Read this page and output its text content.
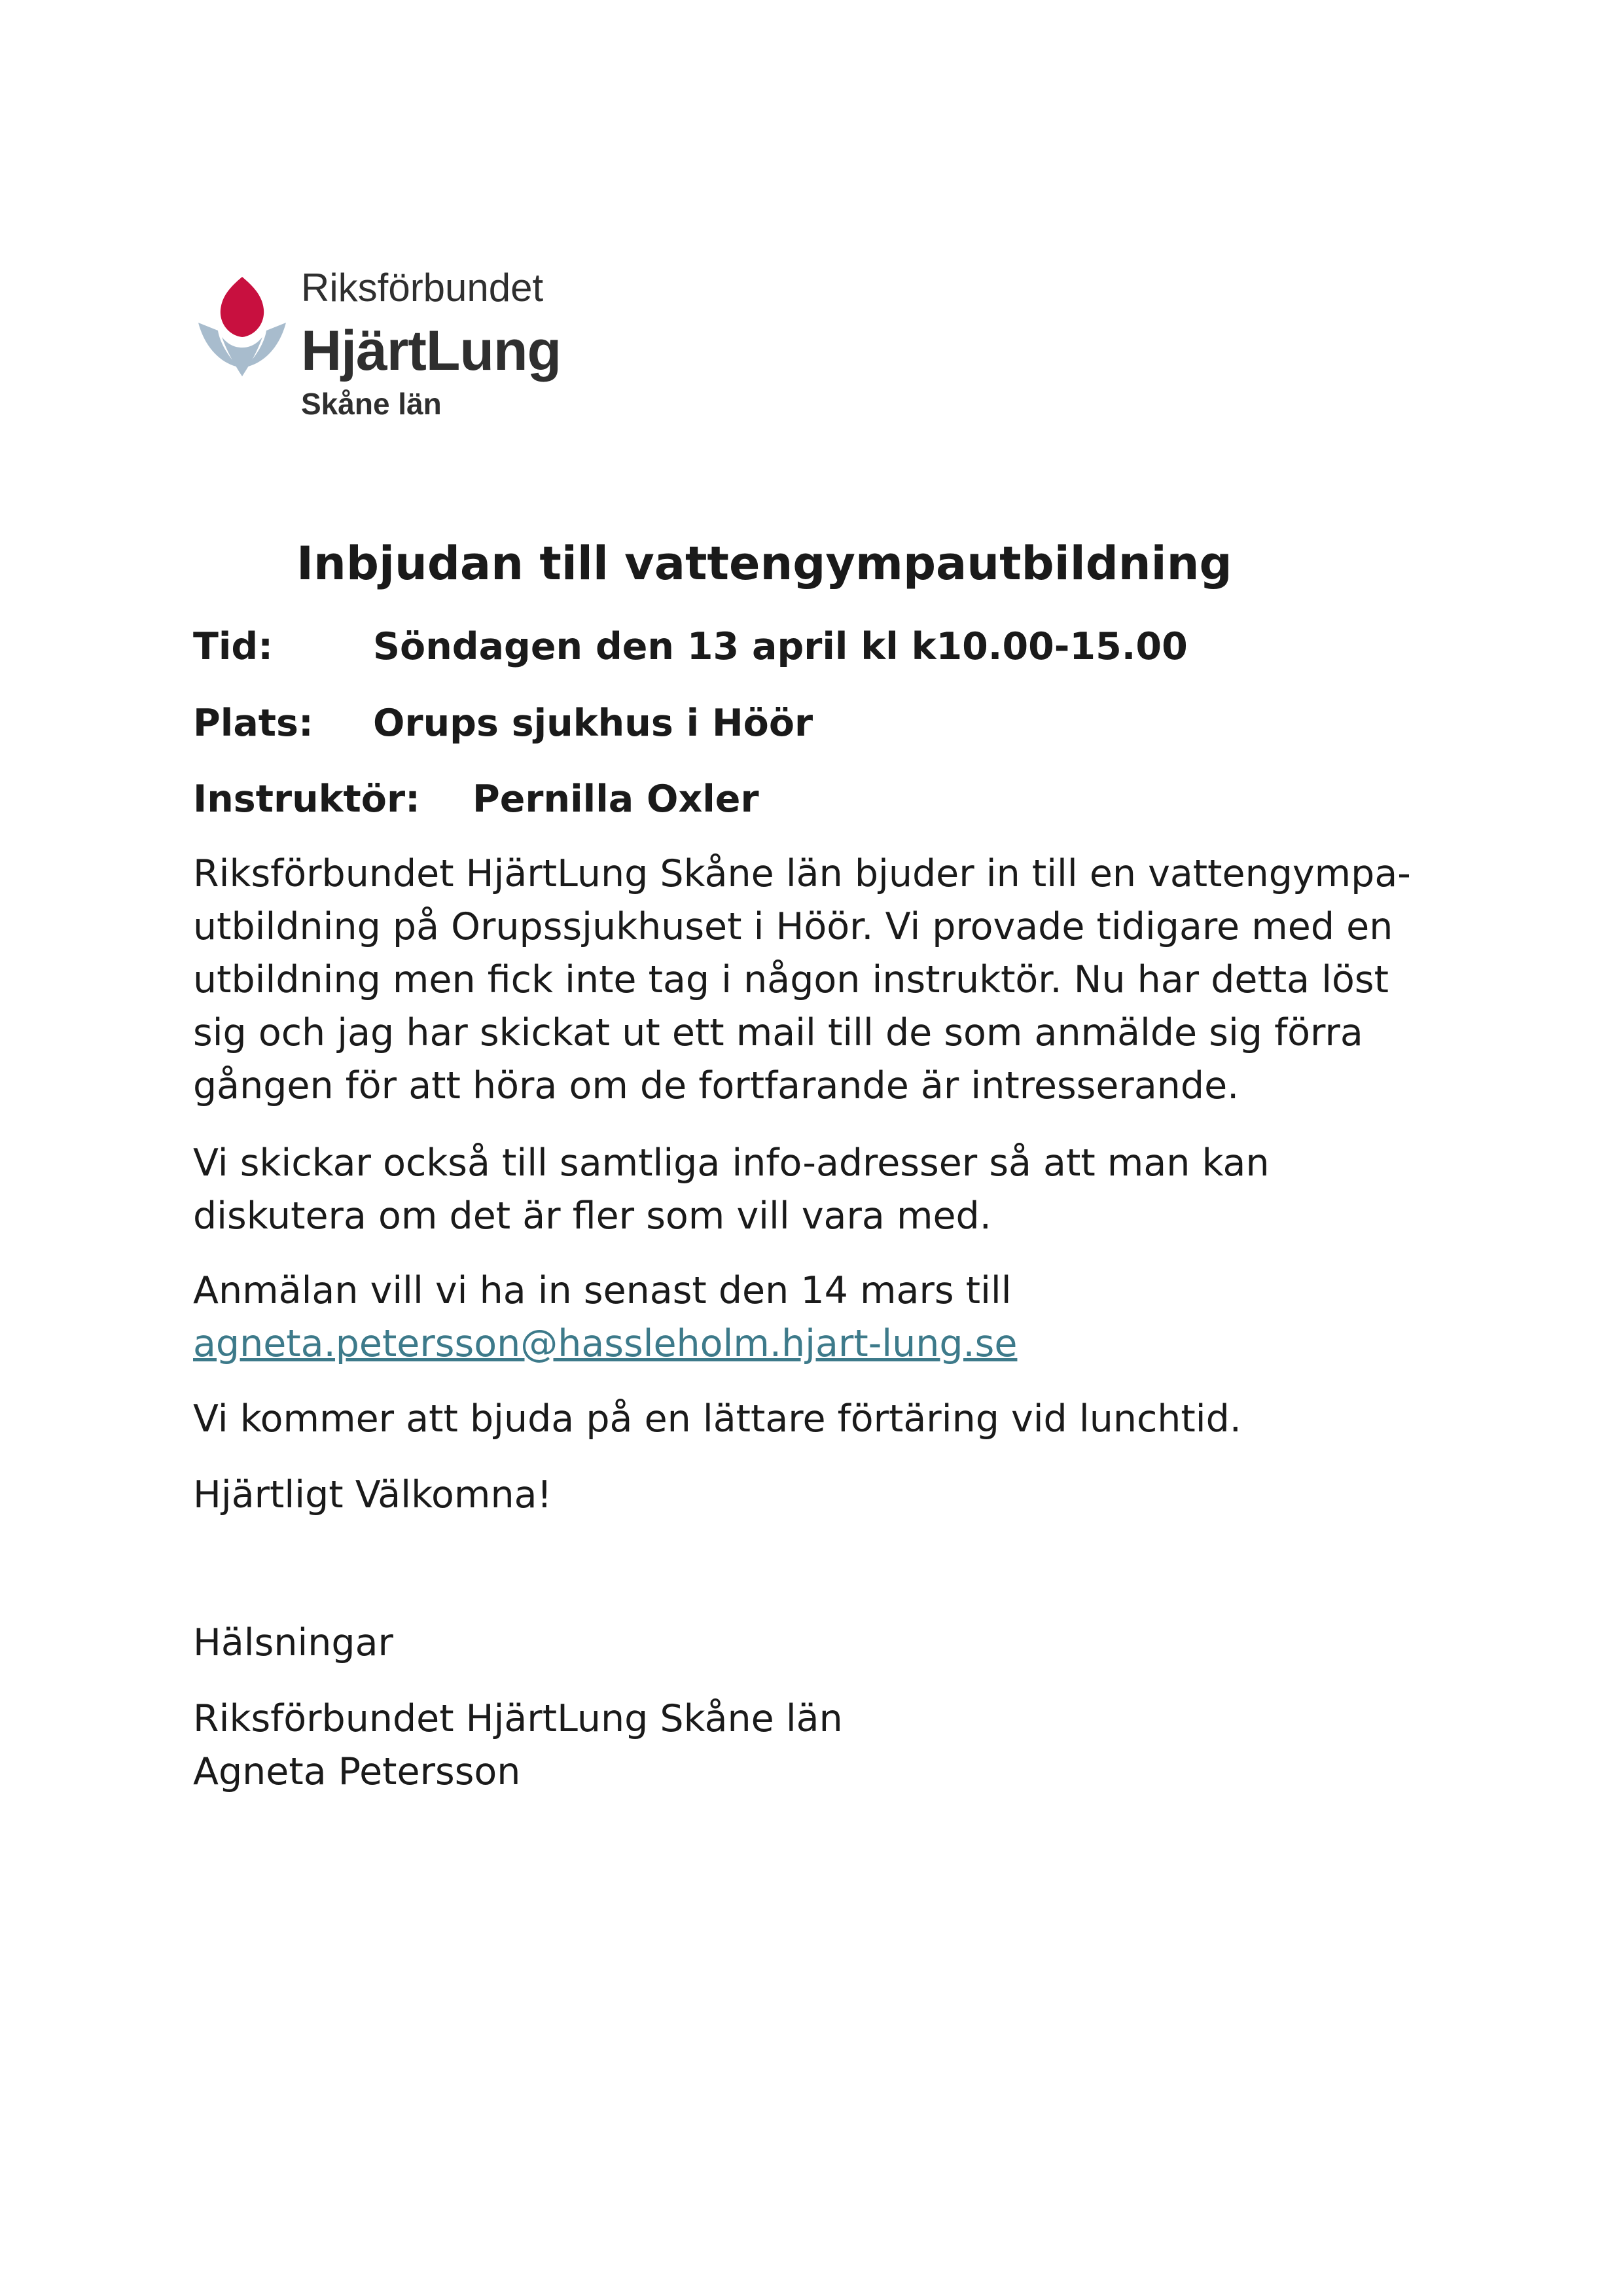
Riksförbundet
HjärtLung
Skåne län
Inbjudan till vattengympautbildning
Tid:	Söndagen den 13 april kl k10.00-15.00
Plats: Orups sjukhus i Höör
Instruktör: Pernilla Oxler

Riksförbundet HjärtLung Skåne län bjuder in till en vattengympa-
utbildning på Orupssjukhuset i Höör. Vi provade tidigare med en
utbildning men fick inte tag i någon instruktör. Nu har detta löst
sig och jag har skickat ut ett mail till de som anmälde sig förra
gången för att höra om de fortfarande är intresserande.

Vi skickar också till samtliga info-adresser så att man kan
diskutera om det är fler som vill vara med.

Anmälan vill vi ha in senast den 14 mars till
agneta.petersson@hassleholm.hjart-lung.se

Vi kommer att bjuda på en lättare förtäring vid lunchtid.

Hjärtligt Välkomna!

Hälsningar

Riksförbundet HjärtLung Skåne län
Agneta Petersson
